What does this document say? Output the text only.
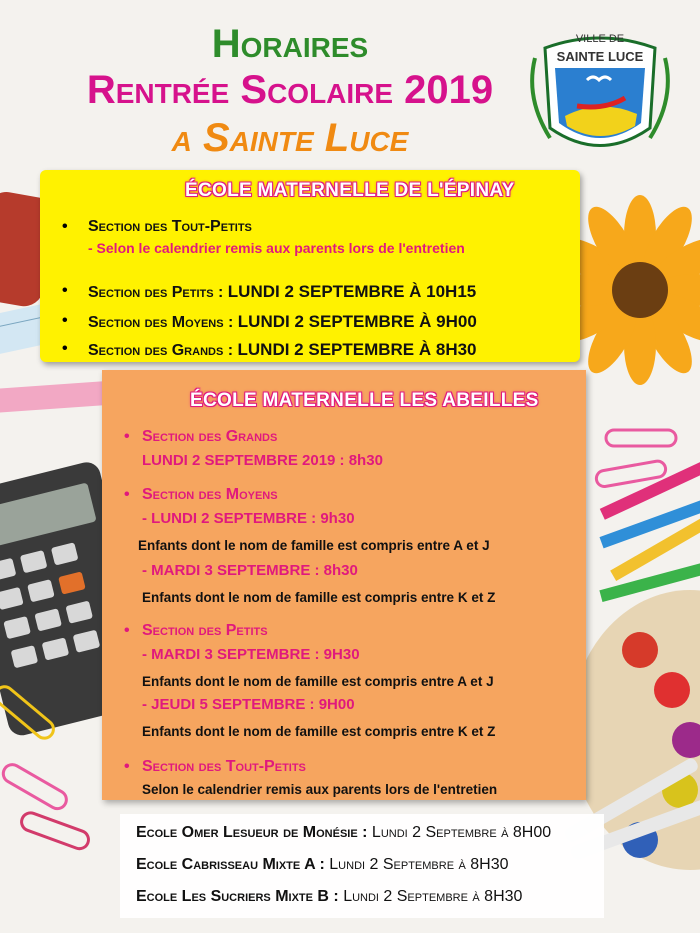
Horaires
Rentrée Scolaire 2019
a Sainte Luce
VILLE DE
SAINTE LUCE
ÉCOLE MATERNELLE DE L'ÉPINAY
• Section des Tout-Petits
- Selon le calendrier remis aux parents lors de l'entretien
• Section des Petits : LUNDI 2 SEPTEMBRE À 10H15
• Section des Moyens : LUNDI 2 SEPTEMBRE À 9H00
• Section des Grands : LUNDI 2 SEPTEMBRE À 8H30
ÉCOLE MATERNELLE LES ABEILLES
• Section des Grands
LUNDI 2 SEPTEMBRE 2019 : 8h30
• Section des Moyens
- LUNDI 2 SEPTEMBRE : 9h30
Enfants dont le nom de famille est compris entre A et J
- MARDI 3 SEPTEMBRE : 8h30
Enfants dont le nom de famille est compris entre K et Z
• Section des Petits
- MARDI 3 SEPTEMBRE : 9H30
Enfants dont le nom de famille est compris entre A et J
- JEUDI 5 SEPTEMBRE : 9H00
Enfants dont le nom de famille est compris entre K et Z
• Section des Tout-Petits
Selon le calendrier remis aux parents lors de l'entretien
Ecole Omer Lesueur de Monésie : Lundi 2 Septembre à 8H00
Ecole Cabrisseau Mixte A : Lundi 2 Septembre à 8H30
Ecole Les Sucriers Mixte B : Lundi 2 Septembre à 8H30
